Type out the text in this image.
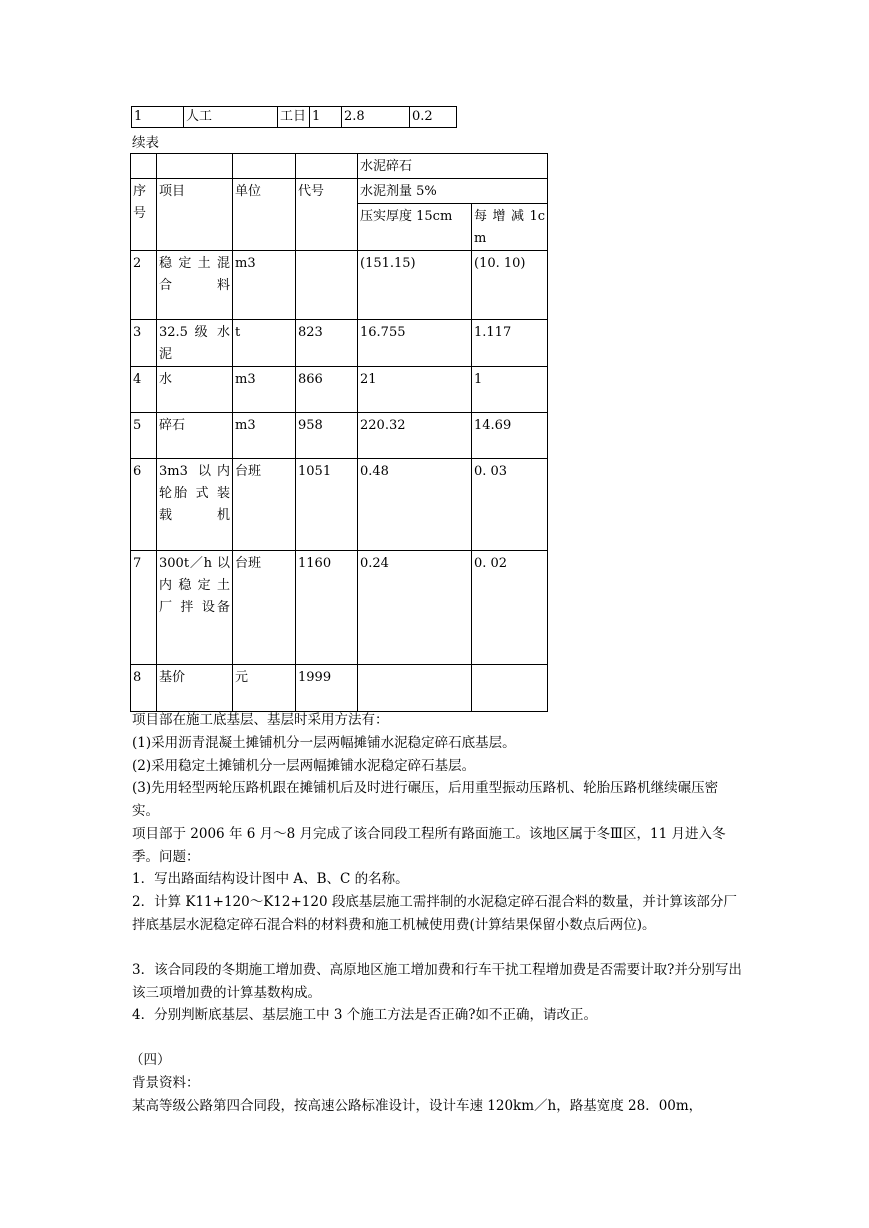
1	人工	工日	1	2.8	0.2
续表
				水泥碎石	
序号	项目	单位	代号	水泥剂量 5%	
				压实厚度 15cm	每 增 减 1cm
2	稳 定 土 混合料	m3		(151.15)	(10. 10)
3	32.5 级 水泥	t	823	16.755	1.117
4	水	m3	866	21	1
5	碎石	m3	958	220.32	14.69
6	3m3 以内轮胎 式 装 载机	台班	1051	0.48	0. 03
7	300t／h 以内 稳 定 土厂 拌 设备	台班	1160	0.24	0. 02
8	基价	元	1999		
项目部在施工底基层、基层时采用方法有：
(1)采用沥青混凝土摊铺机分一层两幅摊铺水泥稳定碎石底基层。
(2)采用稳定土摊铺机分一层两幅摊铺水泥稳定碎石基层。
(3)先用轻型两轮压路机跟在摊铺机后及时进行碾压，后用重型振动压路机、轮胎压路机继续碾压密实。
项目部于 2006 年 6 月～8 月完成了该合同段工程所有路面施工。该地区属于冬Ⅲ区，11 月进入冬季。问题：
1．写出路面结构设计图中 A、B、C 的名称。
2．计算 K11+120～K12+120 段底基层施工需拌制的水泥稳定碎石混合料的数量，并计算该部分厂拌底基层水泥稳定碎石混合料的材料费和施工机械使用费(计算结果保留小数点后两位)。
3．该合同段的冬期施工增加费、高原地区施工增加费和行车干扰工程增加费是否需要计取?并分别写出该三项增加费的计算基数构成。
4．分别判断底基层、基层施工中 3 个施工方法是否正确?如不正确，请改正。
（四）
背景资料：
某高等级公路第四合同段，按高速公路标准设计，设计车速 120km／h，路基宽度 28．00m，
